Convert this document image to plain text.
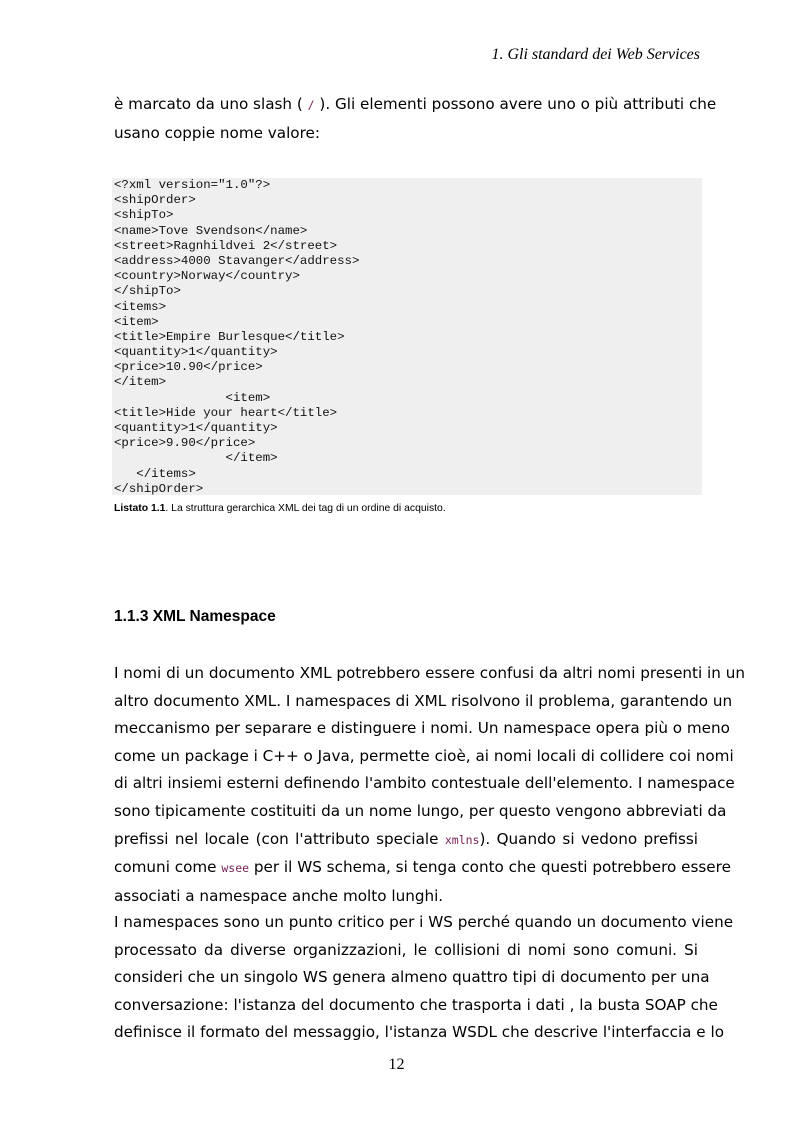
1. Gli standard dei Web Services

è marcato da uno slash ( / ). Gli elementi possono avere uno o più attributi che
usano coppie nome valore:

<?xml version="1.0"?>
<shipOrder>
<shipTo>
<name>Tove Svendson</name>
<street>Ragnhildvei 2</street>
<address>4000 Stavanger</address>
<country>Norway</country>
</shipTo>
<items>
<item>
<title>Empire Burlesque</title>
<quantity>1</quantity>
<price>10.90</price>
</item>
<item>
<title>Hide your heart</title>
<quantity>1</quantity>
<price>9.90</price>
</item>
</items>
</shipOrder>
Listato 1.1. La struttura gerarchica XML dei tag di un ordine di acquisto.
1.1.3 XML Namespace

I nomi di un documento XML potrebbero essere confusi da altri nomi presenti in un
altro documento XML. I namespaces di XML risolvono il problema, garantendo un
meccanismo per separare e distinguere i nomi. Un namespace opera più o meno
come un package i C++ o Java, permette cioè, ai nomi locali di collidere coi nomi
di altri insiemi esterni definendo l'ambito contestuale dell'elemento. I namespace
sono tipicamente costituiti da un nome lungo, per questo vengono abbreviati da
prefissi nel locale (con l'attributo speciale xmlns). Quando si vedono prefissi
comuni come wsee per il WS schema, si tenga conto che questi potrebbero essere
associati a namespace anche molto lunghi.

I namespaces sono un punto critico per i WS perché quando un documento viene
processato da diverse organizzazioni, le collisioni di nomi sono comuni. Si
consideri che un singolo WS genera almeno quattro tipi di documento per una
conversazione: l'istanza del documento che trasporta i dati , la busta SOAP che
definisce il formato del messaggio, l'istanza WSDL che descrive l'interfaccia e lo

12
